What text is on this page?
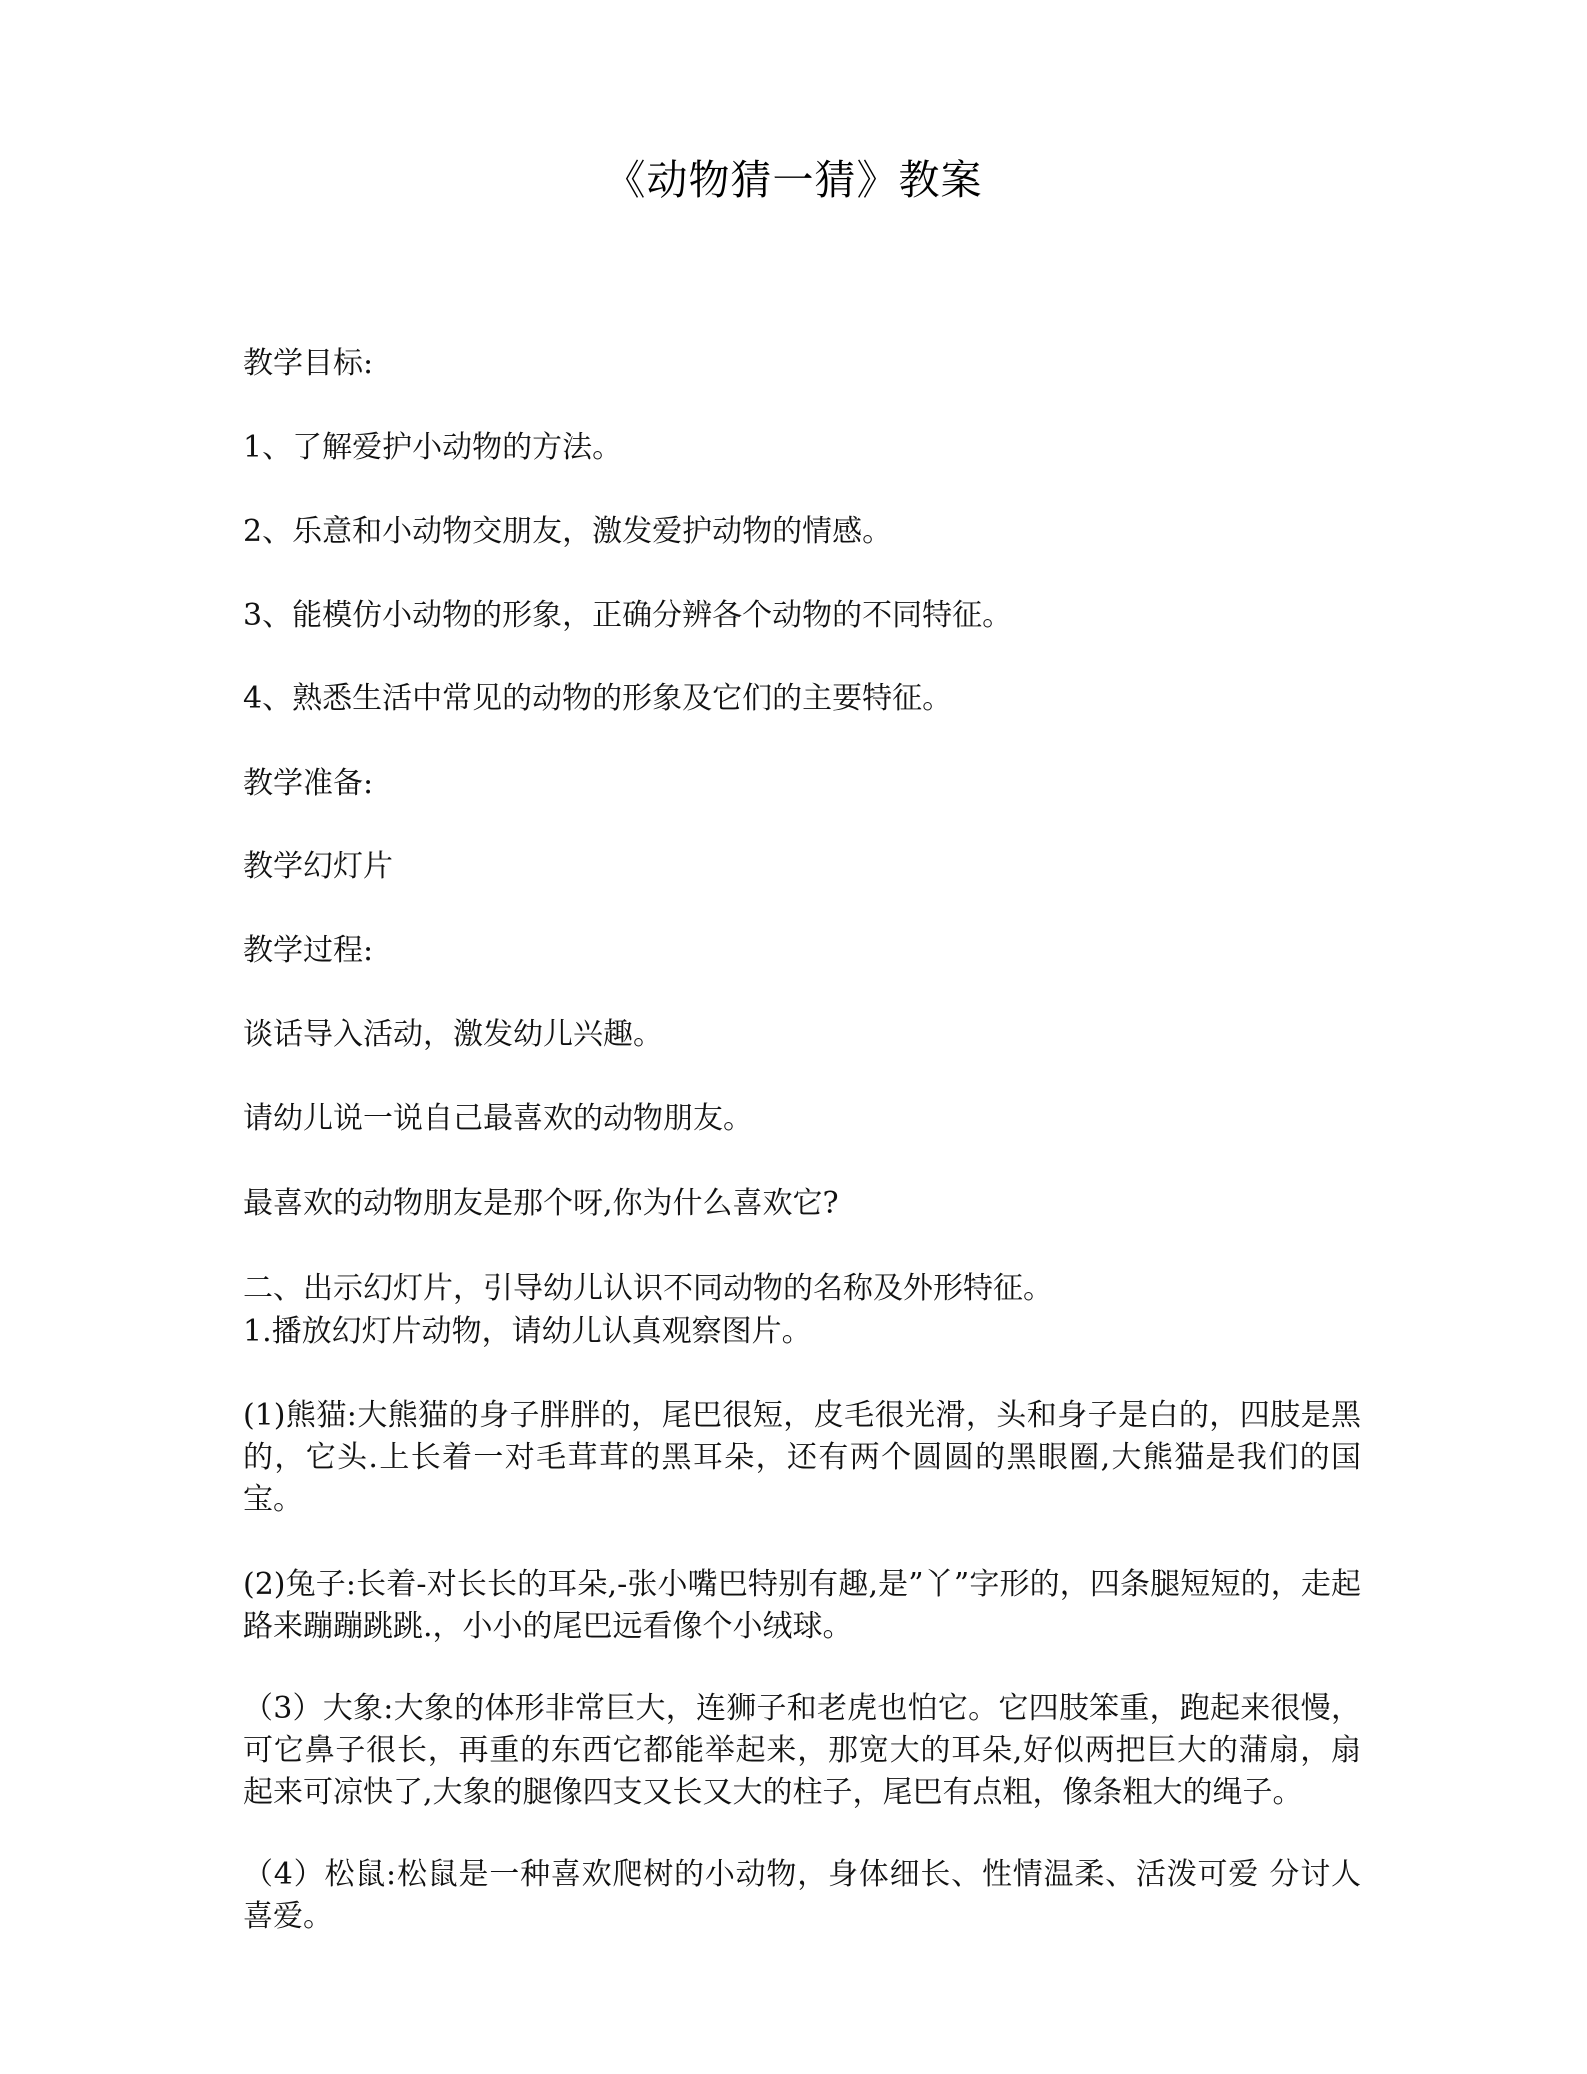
《动物猜一猜》教案
教学目标:
1、了解爱护小动物的方法。
2、乐意和小动物交朋友，激发爱护动物的情感。
3、能模仿小动物的形象，正确分辨各个动物的不同特征。
4、熟悉生活中常见的动物的形象及它们的主要特征。
教学准备:
教学幻灯片
教学过程:
谈话导入活动，激发幼儿兴趣。
请幼儿说一说自己最喜欢的动物朋友。
最喜欢的动物朋友是那个呀,你为什么喜欢它?
二、出示幻灯片，引导幼儿认识不同动物的名称及外形特征。
1.播放幻灯片动物，请幼儿认真观察图片。
(1)熊猫:大熊猫的身子胖胖的，尾巴很短，皮毛很光滑，头和身子是白的，四肢是黑的，它头.上长着一对毛茸茸的黑耳朵，还有两个圆圆的黑眼圈,大熊猫是我们的国宝。
(2)兔子:长着-对长长的耳朵,-张小嘴巴特别有趣,是”丫”字形的，四条腿短短的，走起路来蹦蹦跳跳.，小小的尾巴远看像个小绒球。
（3）大象:大象的体形非常巨大，连狮子和老虎也怕它。它四肢笨重，跑起来很慢，可它鼻子很长，再重的东西它都能举起来，那宽大的耳朵,好似两把巨大的蒲扇，扇起来可凉快了,大象的腿像四支又长又大的柱子，尾巴有点粗，像条粗大的绳子。
（4）松鼠:松鼠是一种喜欢爬树的小动物，身体细长、性情温柔、活泼可爱 分讨人喜爱。
